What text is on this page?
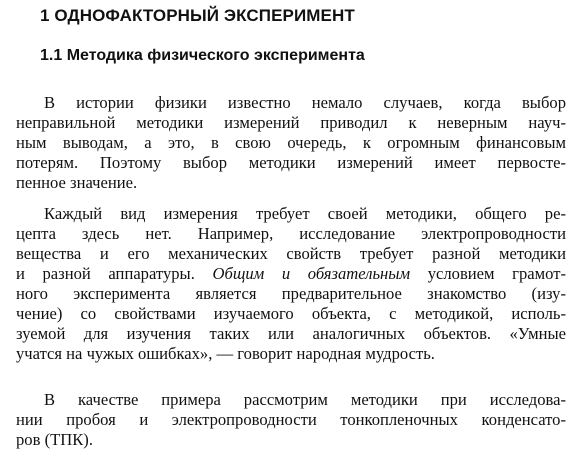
1 ОДНОФАКТОРНЫЙ ЭКСПЕРИМЕНТ
1.1 Методика физического эксперимента
В истории физики известно немало случаев, когда выбор
неправильной методики измерений приводил к неверным науч-
ным выводам, а это, в свою очередь, к огромным финансовым
потерям. Поэтому выбор методики измерений имеет первосте-
пенное значение.
Каждый вид измерения требует своей методики, общего ре-
цепта здесь нет. Например, исследование электропроводности
вещества и его механических свойств требует разной методики
и разной аппаратуры. Общим и обязательным условием грамот-
ного эксперимента является предварительное знакомство (изу-
чение) со свойствами изучаемого объекта, с методикой, исполь-
зуемой для изучения таких или аналогичных объектов. «Умные
учатся на чужых ошибках», — говорит народная мудрость.
В качестве примера рассмотрим методики при исследова-
нии пробоя и электропроводности тонкопленочных конденсато-
ров (ТПК).
